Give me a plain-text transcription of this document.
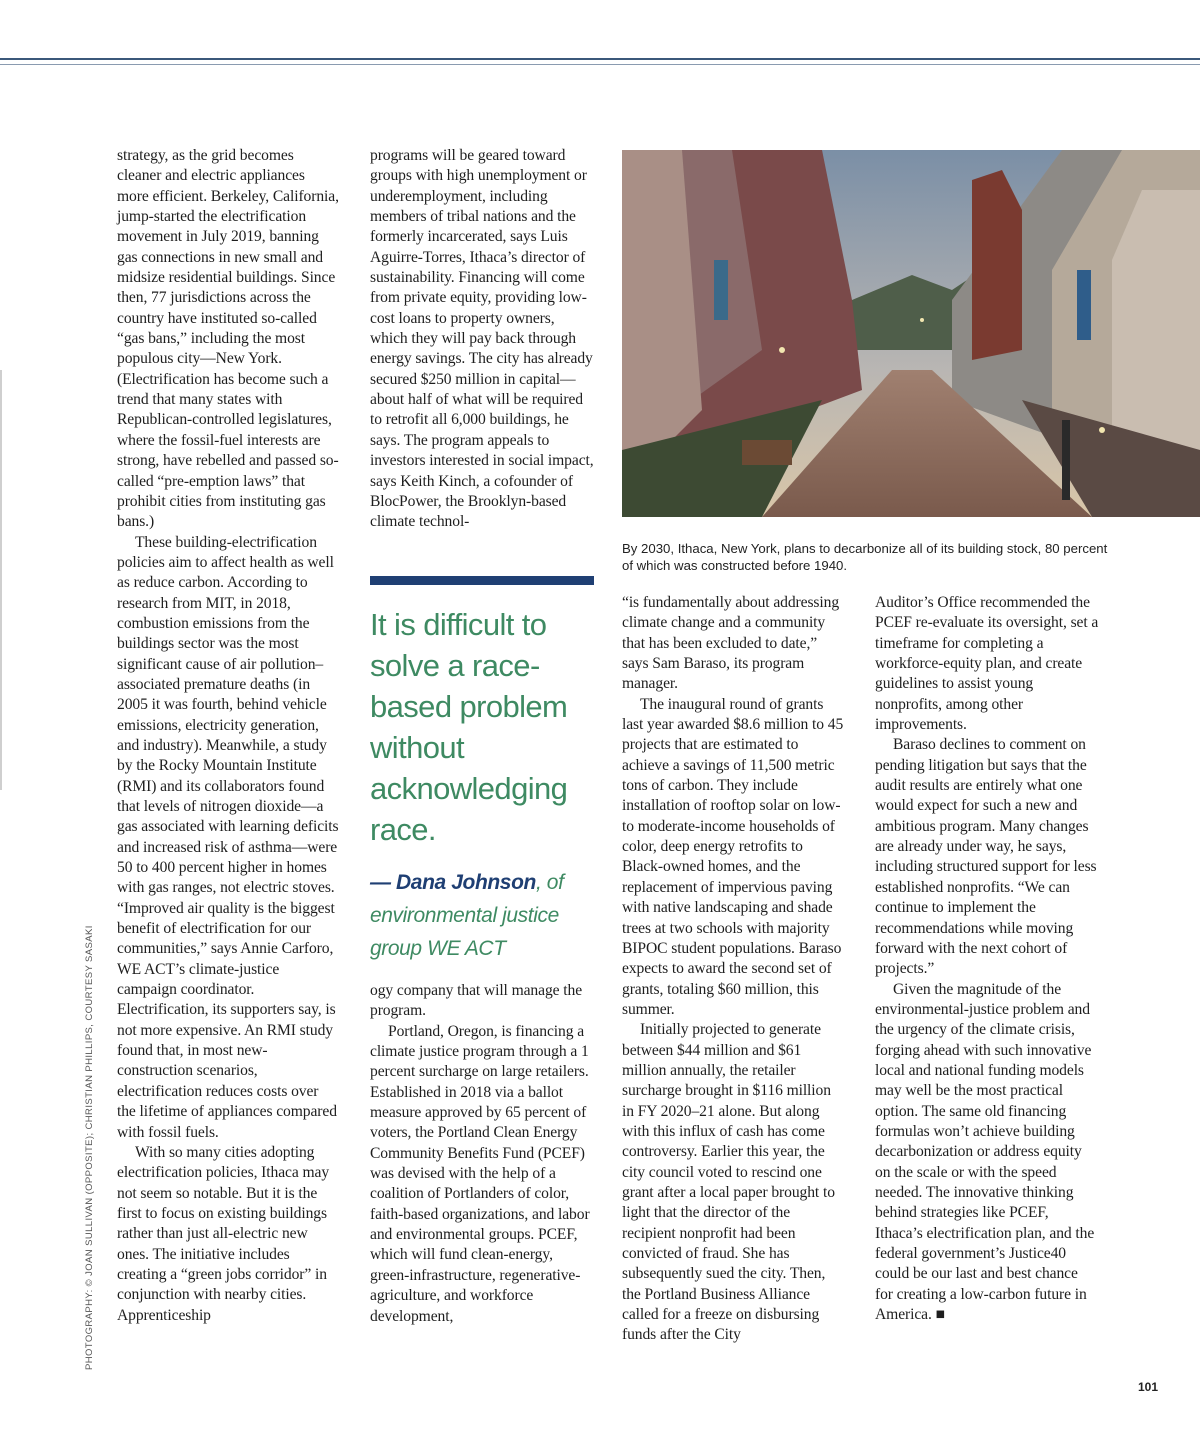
PHOTOGRAPHY: © JOAN SULLIVAN (OPPOSITE); CHRISTIAN PHILLIPS, COURTESY SASAKI

strategy, as the grid becomes cleaner and electric appliances more efficient. Berkeley, California, jump-started the electrification movement in July 2019, banning gas connections in new small and midsize residential buildings. Since then, 77 jurisdictions across the country have instituted so-called “gas bans,” including the most populous city—New York. (Electrification has become such a trend that many states with Republican-controlled legislatures, where the fossil-fuel interests are strong, have rebelled and passed so-called “pre-emption laws” that prohibit cities from instituting gas bans.)

These building-electrification policies aim to affect health as well as reduce carbon. According to research from MIT, in 2018, combustion emissions from the buildings sector was the most significant cause of air pollution–associated premature deaths (in 2005 it was fourth, behind vehicle emissions, electricity generation, and industry). Meanwhile, a study by the Rocky Mountain Institute (RMI) and its collaborators found that levels of nitrogen dioxide—a gas associated with learning deficits and increased risk of asthma—were 50 to 400 percent higher in homes with gas ranges, not electric stoves. “Improved air quality is the biggest benefit of electrification for our communities,” says Annie Carforo, WE ACT’s climate-justice campaign coordinator. Electrification, its supporters say, is not more expensive. An RMI study found that, in most new-construction scenarios, electrification reduces costs over the lifetime of appliances compared with fossil fuels.

With so many cities adopting electrification policies, Ithaca may not seem so notable. But it is the first to focus on existing buildings rather than just all-electric new ones. The initiative includes creating a “green jobs corridor” in conjunction with nearby cities. Apprenticeship

programs will be geared toward groups with high unemployment or underemployment, including members of tribal nations and the formerly incarcerated, says Luis Aguirre-Torres, Ithaca’s director of sustainability. Financing will come from private equity, providing low-cost loans to property owners, which they will pay back through energy savings. The city has already secured $250 million in capital—about half of what will be required to retrofit all 6,000 buildings, he says. The program appeals to investors interested in social impact, says Keith Kinch, a cofounder of BlocPower, the Brooklyn-based climate technol-

It is difficult to solve a race-based problem without acknowledging race.
— Dana Johnson, of environmental justice group WE ACT

ogy company that will manage the program.

Portland, Oregon, is financing a climate justice program through a 1 percent surcharge on large retailers. Established in 2018 via a ballot measure approved by 65 percent of voters, the Portland Clean Energy Community Benefits Fund (PCEF) was devised with the help of a coalition of Portlanders of color, faith-based organizations, and labor and environmental groups. PCEF, which will fund clean-energy, green-infrastructure, regenerative-agriculture, and workforce development,

By 2030, Ithaca, New York, plans to decarbonize all of its building stock, 80 percent of which was constructed before 1940.

“is fundamentally about addressing climate change and a community that has been excluded to date,” says Sam Baraso, its program manager.

The inaugural round of grants last year awarded $8.6 million to 45 projects that are estimated to achieve a savings of 11,500 metric tons of carbon. They include installation of rooftop solar on low- to moderate-income households of color, deep energy retrofits to Black-owned homes, and the replacement of impervious paving with native landscaping and shade trees at two schools with majority BIPOC student populations. Baraso expects to award the second set of grants, totaling $60 million, this summer.

Initially projected to generate between $44 million and $61 million annually, the retailer surcharge brought in $116 million in FY 2020–21 alone. But along with this influx of cash has come controversy. Earlier this year, the city council voted to rescind one grant after a local paper brought to light that the director of the recipient nonprofit had been convicted of fraud. She has subsequently sued the city. Then, the Portland Business Alliance called for a freeze on disbursing funds after the City

Auditor’s Office recommended the PCEF re-evaluate its oversight, set a timeframe for completing a workforce-equity plan, and create guidelines to assist young nonprofits, among other improvements.

Baraso declines to comment on pending litigation but says that the audit results are entirely what one would expect for such a new and ambitious program. Many changes are already under way, he says, including structured support for less established nonprofits. “We can continue to implement the recommendations while moving forward with the next cohort of projects.”

Given the magnitude of the environmental-justice problem and the urgency of the climate crisis, forging ahead with such innovative local and national funding models may well be the most practical option. The same old financing formulas won’t achieve building decarbonization or address equity on the scale or with the speed needed. The innovative thinking behind strategies like PCEF, Ithaca’s electrification plan, and the federal government’s Justice40 could be our last and best chance for creating a low-carbon future in America. ■

101
